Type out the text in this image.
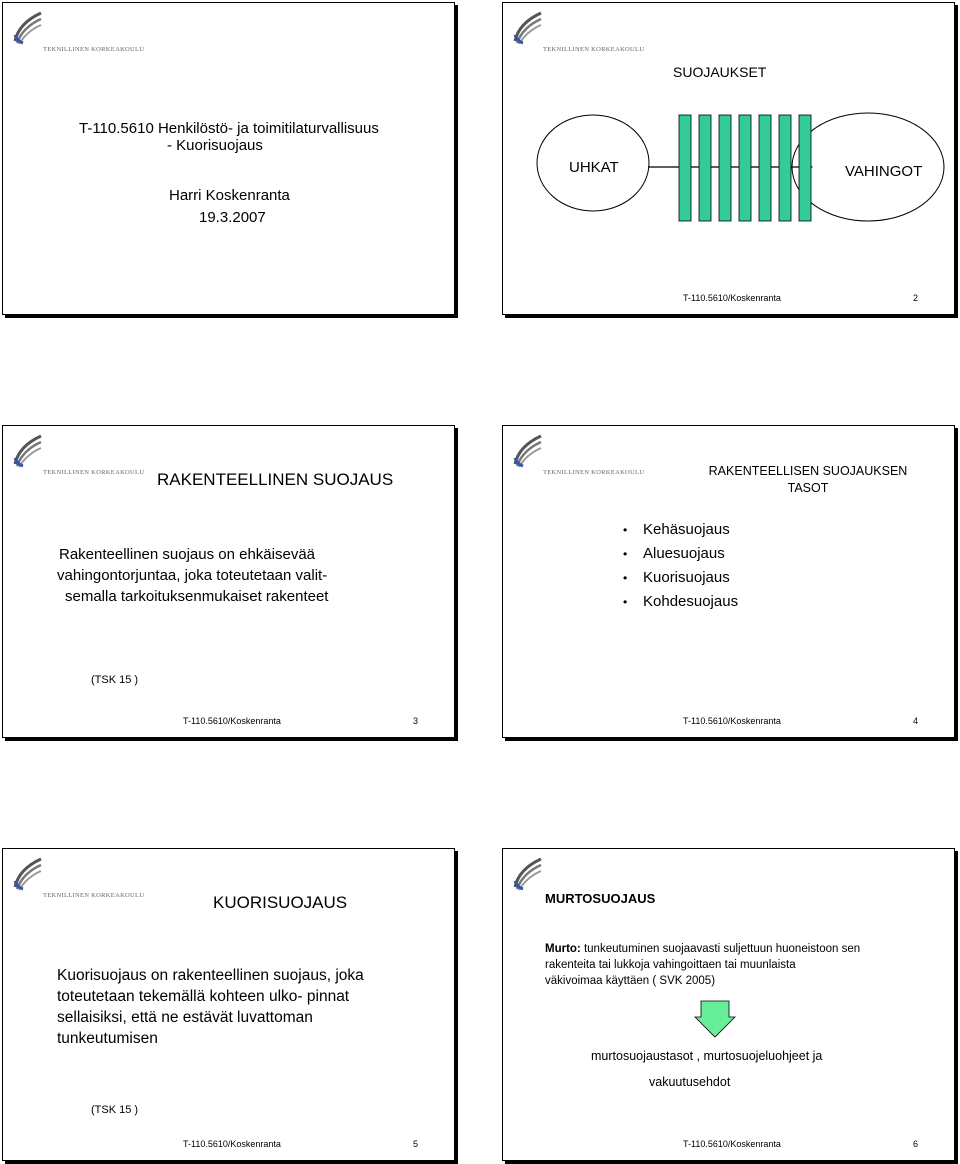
TEKNILLINEN KORKEAKOULU
T-110.5610 Henkilöstö- ja toimitilaturvallisuus
- Kuorisuojaus
Harri Koskenranta
19.3.2007
TEKNILLINEN KORKEAKOULU
SUOJAUKSET
UHKAT	VAHINGOT
T-110.5610/Koskenranta	2
TEKNILLINEN KORKEAKOULU RAKENTEELLINEN SUOJAUS
Rakenteellinen suojaus on ehkäisevää
vahingontorjuntaa, joka toteutetaan valit-
semalla tarkoituksenmukaiset rakenteet
(TSK 15 )
T-110.5610/Koskenranta	3
TEKNILLINEN KORKEAKOULU	RAKENTEELLISEN SUOJAUKSEN
TASOT
• Kehäsuojaus
• Aluesuojaus
• Kuorisuojaus
• Kohdesuojaus
T-110.5610/Koskenranta	4
TEKNILLINEN KORKEAKOULU	KUORISUOJAUS
Kuorisuojaus on rakenteellinen suojaus, joka
toteutetaan tekemällä kohteen ulko- pinnat
sellaisiksi, että ne estävät luvattoman
tunkeutumisen
(TSK 15 )
T-110.5610/Koskenranta	5
MURTOSUOJAUS
Murto: tunkeutuminen suojaavasti suljettuun huoneistoon sen
rakenteita tai lukkoja vahingoittaen tai muunlaista
väkivoimaa käyttäen ( SVK 2005)
murtosuojaustasot , murtosuojeluohjeet ja
vakuutusehdot
T-110.5610/Koskenranta	6
